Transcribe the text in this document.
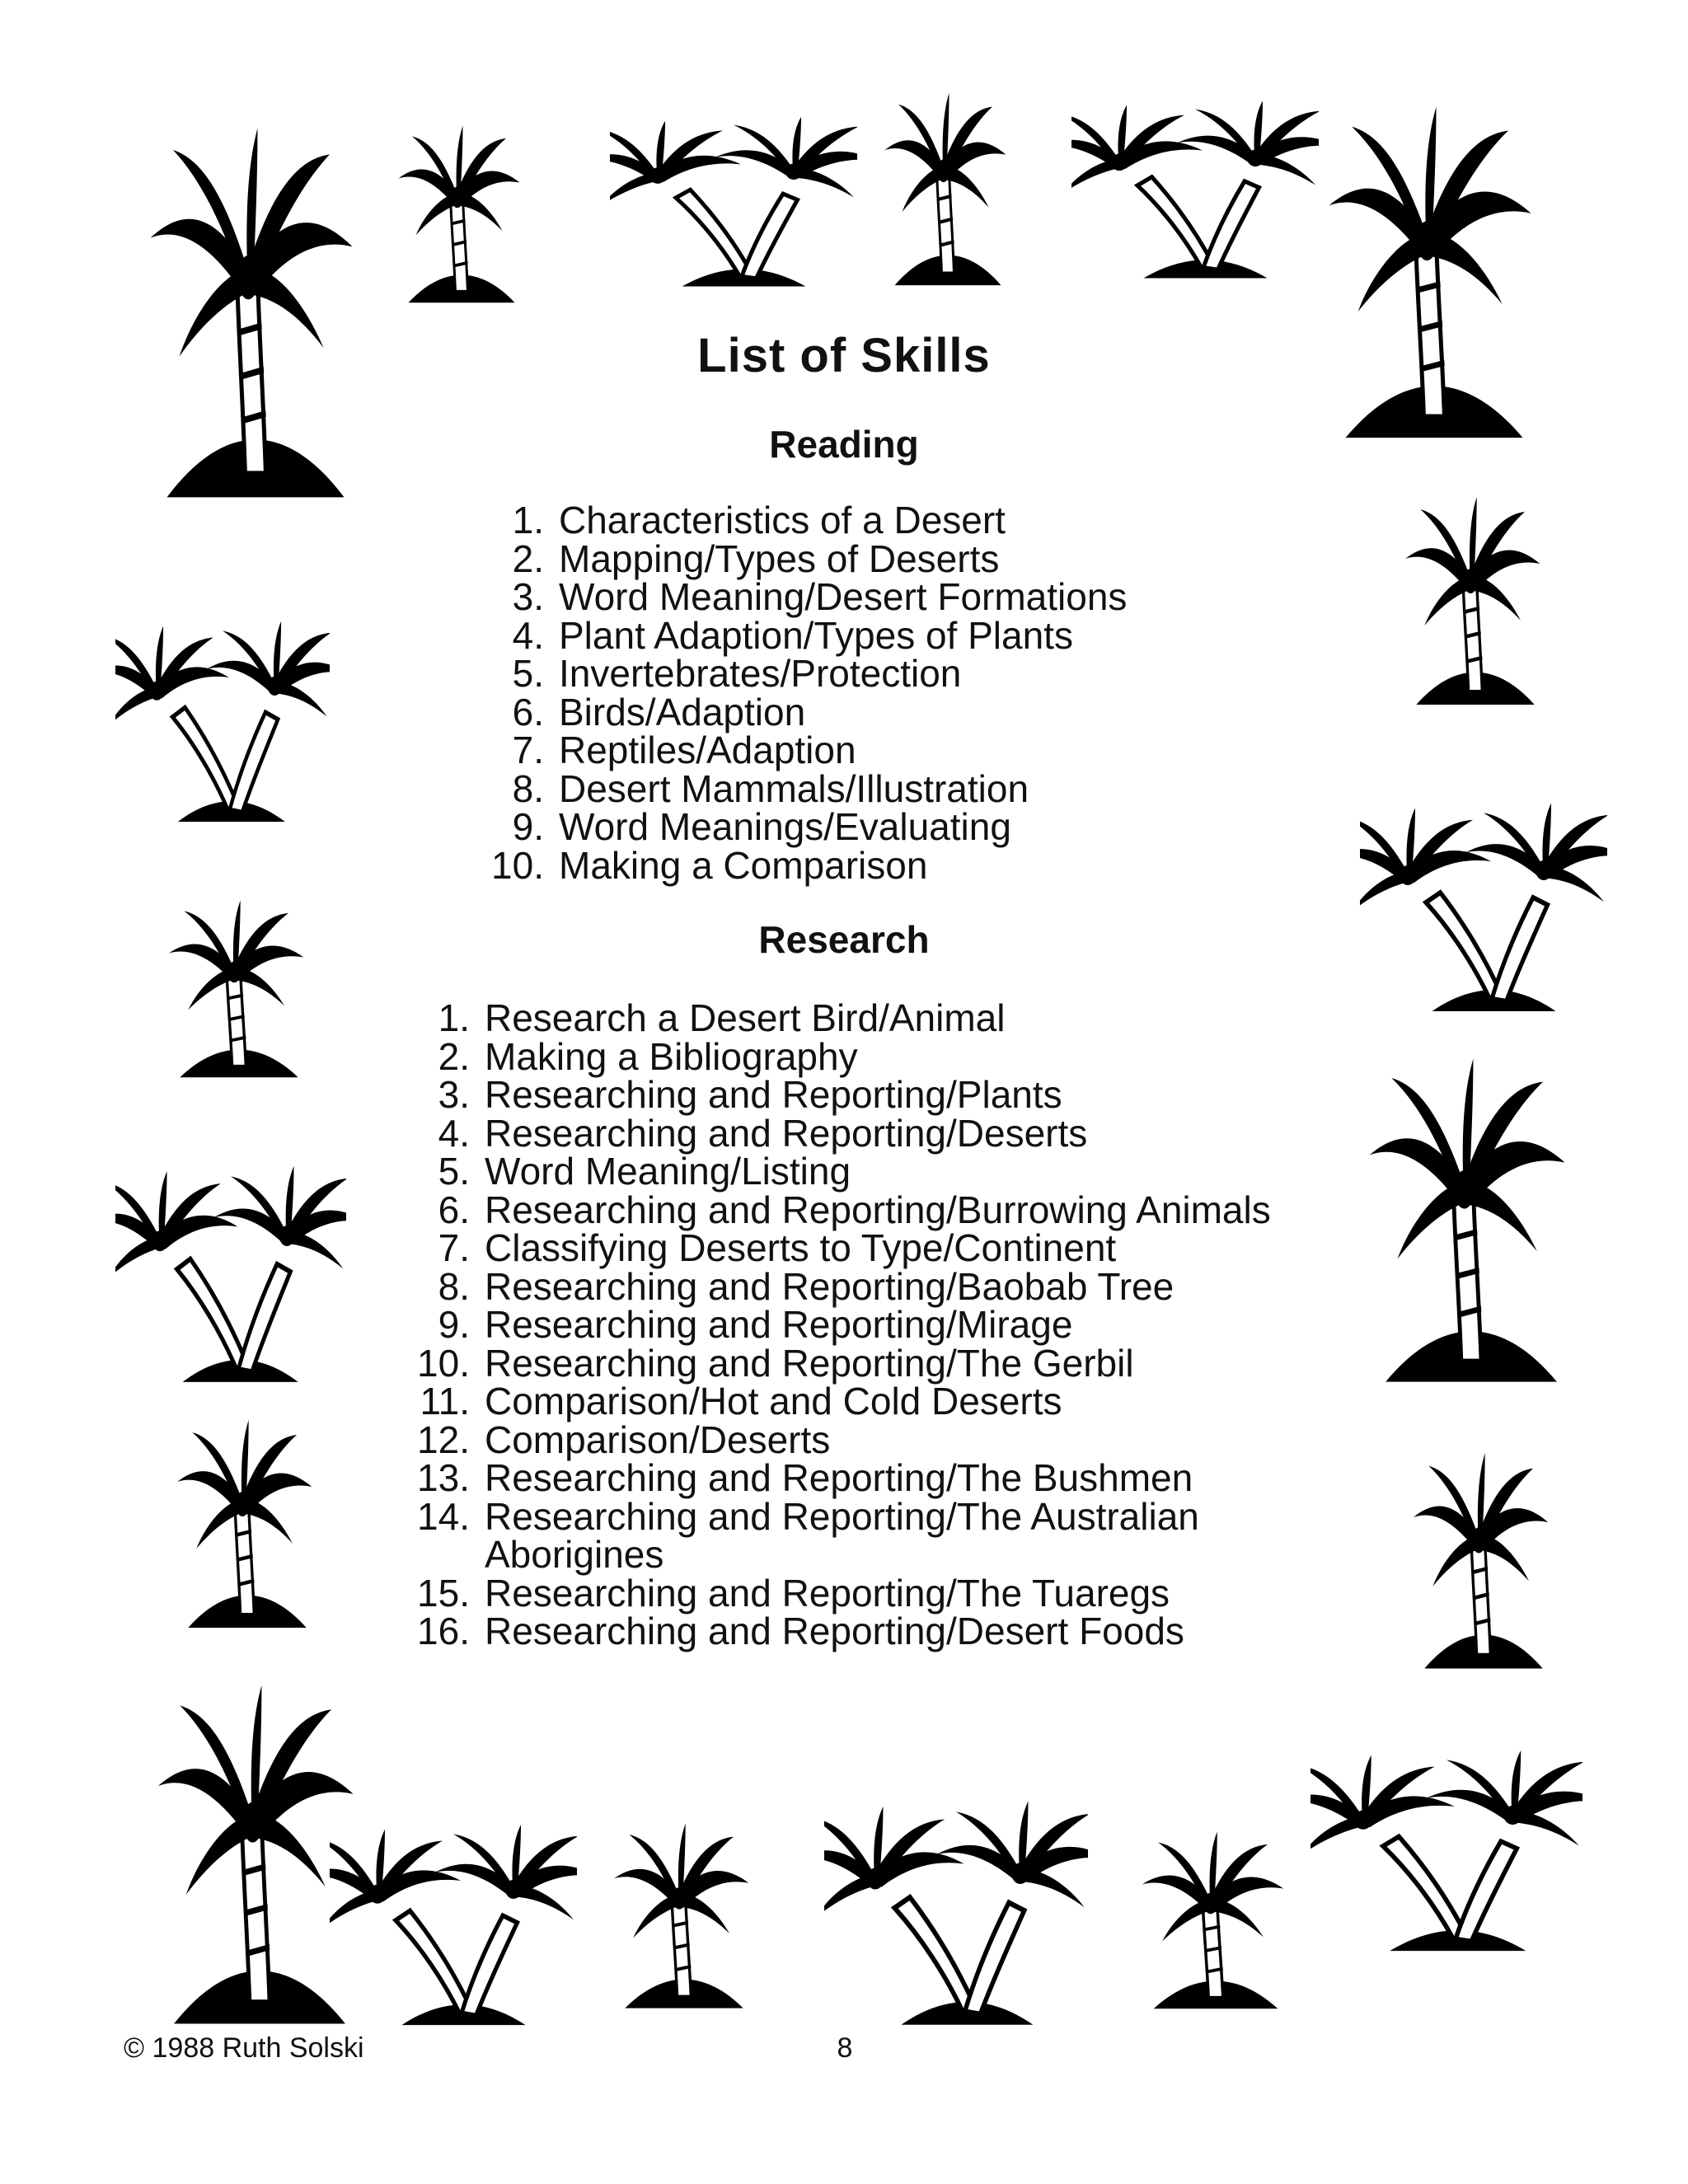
List of Skills
Reading
1. Characteristics of a Desert
2. Mapping/Types of Deserts
3. Word Meaning/Desert Formations
4. Plant Adaption/Types of Plants
5. Invertebrates/Protection
6. Birds/Adaption
7. Reptiles/Adaption
8. Desert Mammals/Illustration
9. Word Meanings/Evaluating
10. Making a Comparison
Research
1. Research a Desert Bird/Animal
2. Making a Bibliography
3. Researching and Reporting/Plants
4. Researching and Reporting/Deserts
5. Word Meaning/Listing
6. Researching and Reporting/Burrowing Animals
7. Classifying Deserts to Type/Continent
8. Researching and Reporting/Baobab Tree
9. Researching and Reporting/Mirage
10. Researching and Reporting/The Gerbil
11. Comparison/Hot and Cold Deserts
12. Comparison/Deserts
13. Researching and Reporting/The Bushmen
14. Researching and Reporting/The Australian Aborigines
15. Researching and Reporting/The Tuaregs
16. Researching and Reporting/Desert Foods
© 1988 Ruth Solski	8
